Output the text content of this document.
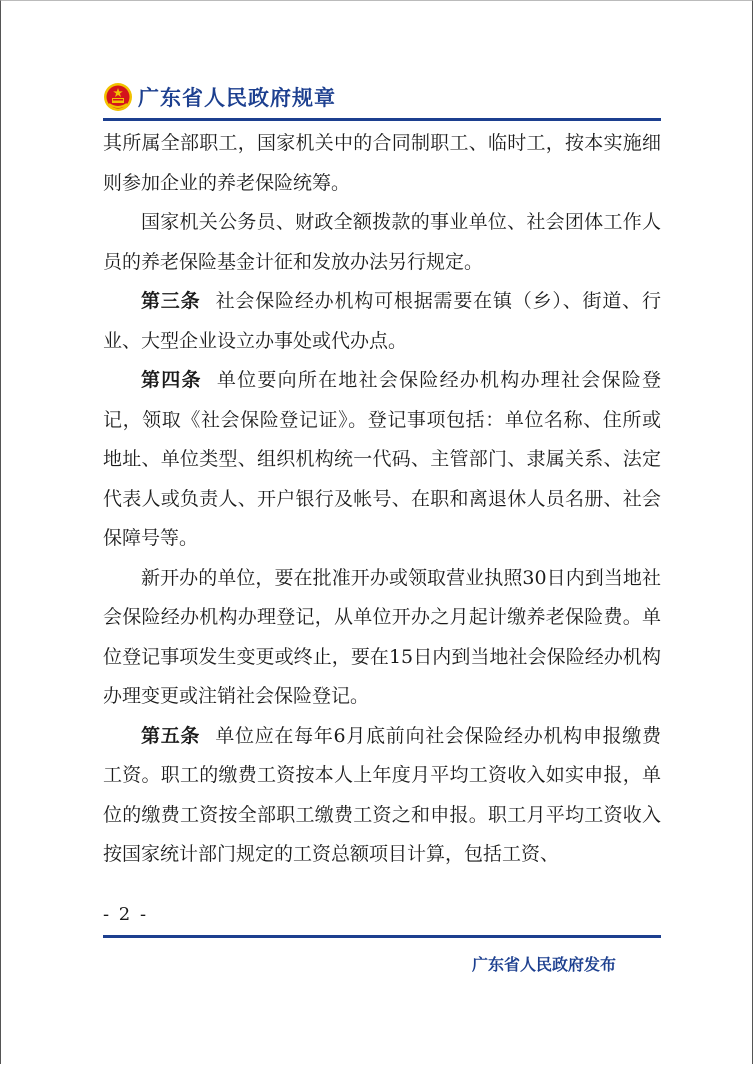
广东省人民政府规章

其所属全部职工，国家机关中的合同制职工、临时工，按本实施细则参加企业的养老保险统筹。

国家机关公务员、财政全额拨款的事业单位、社会团体工作人员的养老保险基金计征和发放办法另行规定。

第三条 社会保险经办机构可根据需要在镇（乡）、街道、行业、大型企业设立办事处或代办点。

第四条 单位要向所在地社会保险经办机构办理社会保险登记，领取《社会保险登记证》。登记事项包括：单位名称、住所或地址、单位类型、组织机构统一代码、主管部门、隶属关系、法定代表人或负责人、开户银行及帐号、在职和离退休人员名册、社会保障号等。

新开办的单位，要在批准开办或领取营业执照30日内到当地社会保险经办机构办理登记，从单位开办之月起计缴养老保险费。单位登记事项发生变更或终止，要在15日内到当地社会保险经办机构办理变更或注销社会保险登记。

第五条 单位应在每年6月底前向社会保险经办机构申报缴费工资。职工的缴费工资按本人上年度月平均工资收入如实申报，单位的缴费工资按全部职工缴费工资之和申报。职工月平均工资收入按国家统计部门规定的工资总额项目计算，包括工资、

- 2 -
广东省人民政府发布
